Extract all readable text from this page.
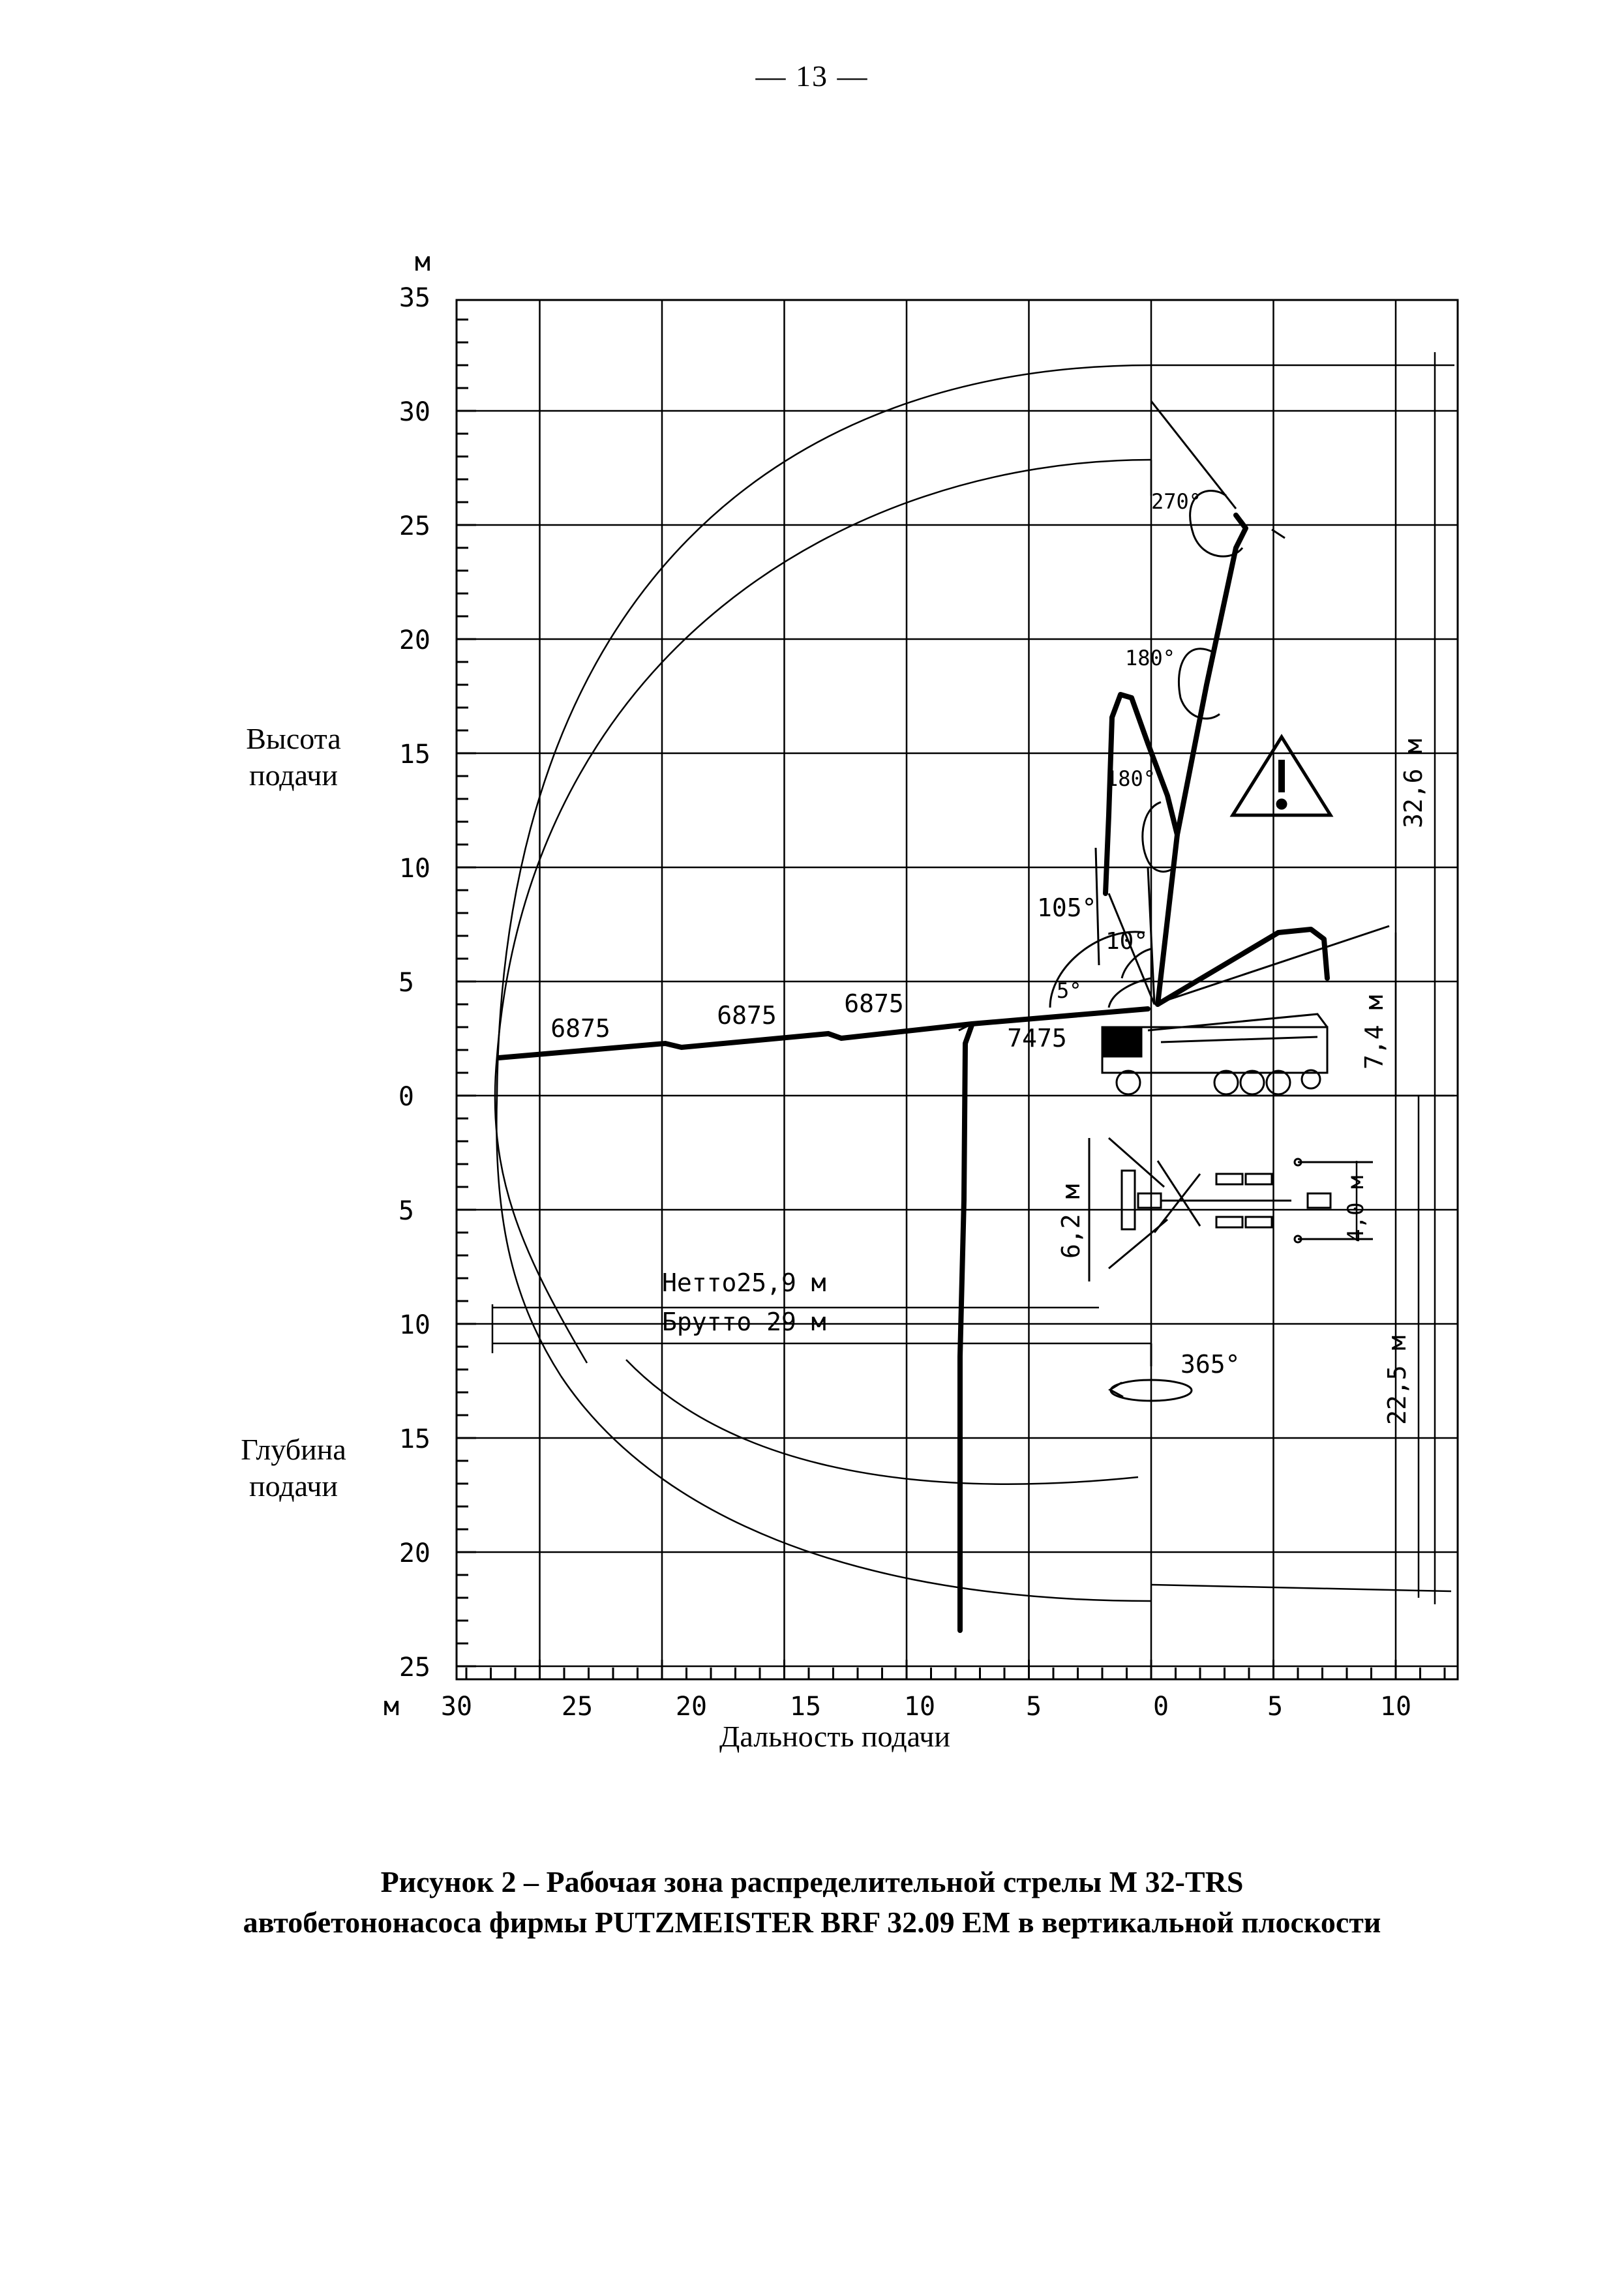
— 13 —
м
35
30
25
20
15
10
5
0
5
10
15
20
25
м 30	25	20	15	10	5	0	5	10
6875	6875	6875
7475
270°
180°
180°
105°
10°
5°
365°
Нетто25,9 м
Брутто 29 м
32,6 м
7,4 м
22,5 м
6,2 м	4,0 м
Высота
подачи
Глубина
подачи
Дальность подачи
Рисунок 2 – Рабочая зона распределительной стрелы М 32-TRS
автобетононасоса фирмы PUTZMEISTER BRF 32.09 EM в вертикальной плоскости
